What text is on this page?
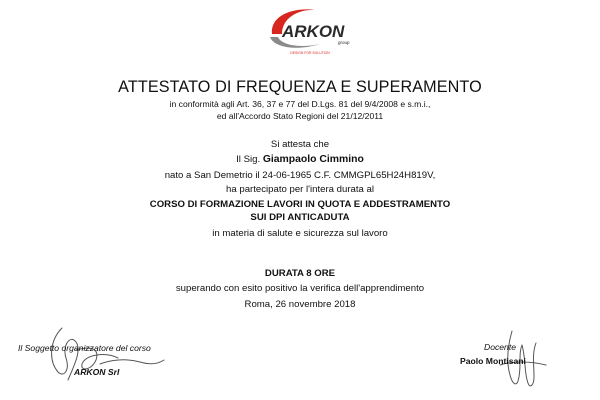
ARKON
group
DESIGN FOR SOLUTION
ATTESTATO DI FREQUENZA E SUPERAMENTO
in conformità agli Art. 36, 37 e 77 del D.Lgs. 81 del 9/4/2008 e s.m.i.,
ed all'Accordo Stato Regioni del 21/12/2011
Si attesta che
Il Sig. Giampaolo Cimmino
nato a San Demetrio il 24-06-1965 C.F. CMMGPL65H24H819V,
ha partecipato per l'intera durata al
CORSO DI FORMAZIONE LAVORI IN QUOTA E ADDESTRAMENTO
SUI DPI ANTICADUTA
in materia di salute e sicurezza sul lavoro
DURATA 8 ORE
superando con esito positivo la verifica dell'apprendimento
Roma, 26 novembre 2018
Il Soggetto organizzatore del corso
ARKON Srl
Docente
Paolo Montisani
